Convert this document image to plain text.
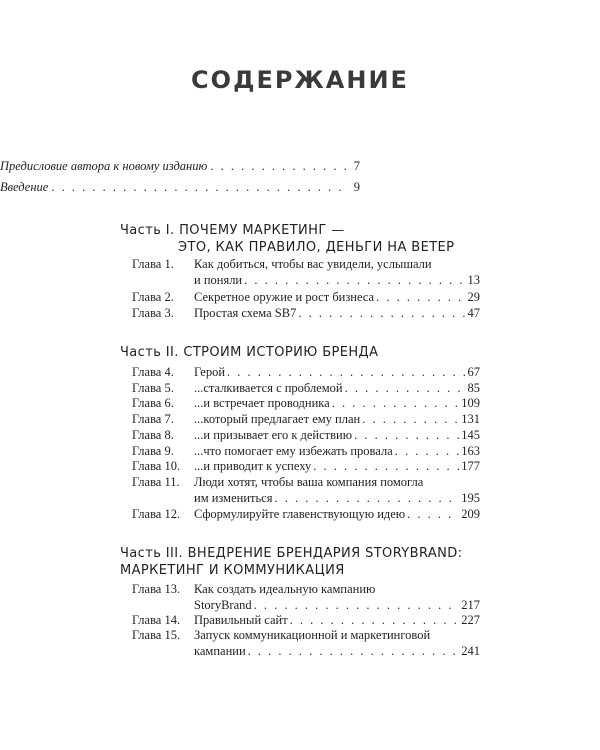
СОДЕРЖАНИЕ
Предисловие автора к новому изданию . . .	7
Введение . . .	9
Часть I. ПОЧЕМУ МАРКЕТИНГ —
ЭТО, КАК ПРАВИЛО, ДЕНЬГИ НА ВЕТЕР
Глава 1.	Как добиться, чтобы вас увидели, услышали
и поняли . . .	13
Глава 2.	Секретное оружие и рост бизнеса . . .	29
Глава 3.	Простая схема SB7 . . .	47
Часть II. СТРОИМ ИСТОРИЮ БРЕНДА
Глава 4.	Герой . . .	67
Глава 5.	...сталкивается с проблемой . . .	85
Глава 6.	...и встречает проводника . . .	109
Глава 7.	...который предлагает ему план . . .	131
Глава 8.	...и призывает его к действию . . .	145
Глава 9.	...что помогает ему избежать провала . . .	163
Глава 10.	...и приводит к успеху . . .	177
Глава 11.	Люди хотят, чтобы ваша компания помогла
им измениться . . .	195
Глава 12.	Сформулируйте главенствующую идею . . .	209
Часть III. ВНЕДРЕНИЕ БРЕНДАРИЯ STORYBRAND:
МАРКЕТИНГ И КОММУНИКАЦИЯ
Глава 13.	Как создать идеальную кампанию
StoryBrand . . .	217
Глава 14.	Правильный сайт . . .	227
Глава 15.	Запуск коммуникационной и маркетинговой
кампании . . .	241
